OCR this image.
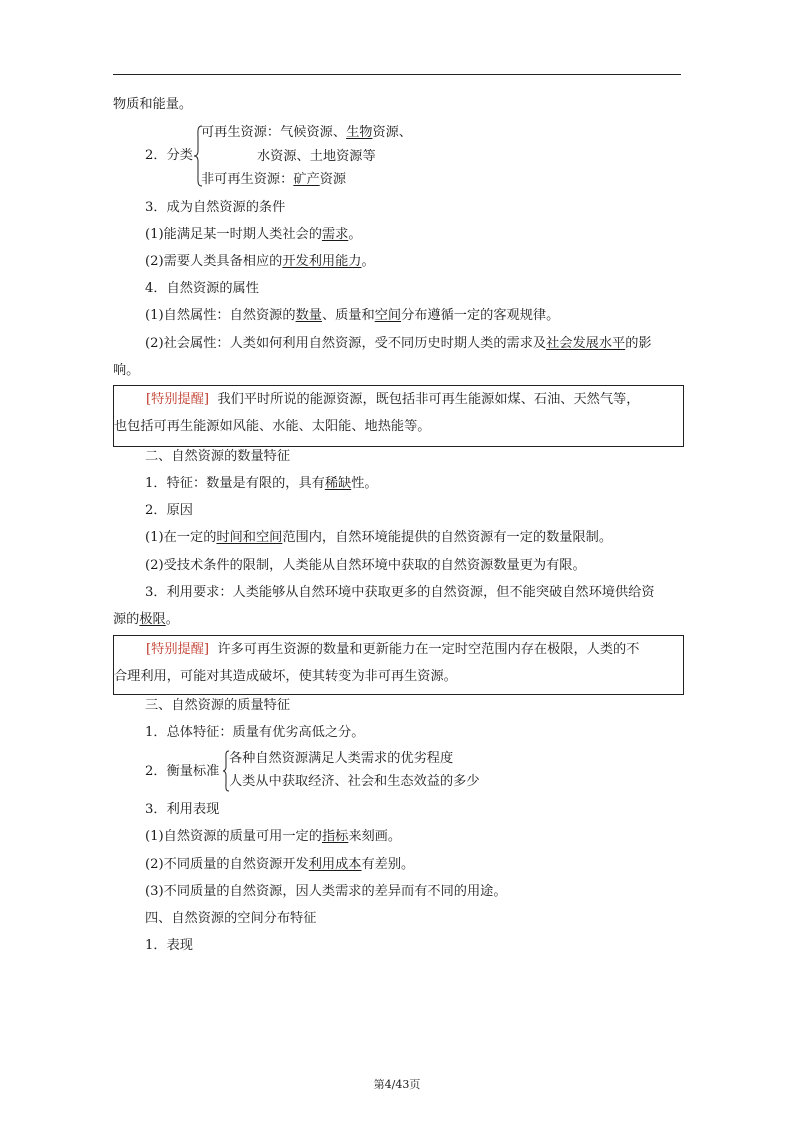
物质和能量。
2．分类
可再生资源：气候资源、生物资源、
水资源、土地资源等
非可再生资源：矿产资源
3．成为自然资源的条件
(1)能满足某一时期人类社会的需求。
(2)需要人类具备相应的开发利用能力。
4．自然资源的属性
(1)自然属性：自然资源的数量、质量和空间分布遵循一定的客观规律。
(2)社会属性：人类如何利用自然资源，受不同历史时期人类的需求及社会发展水平的影
响。
[特别提醒] 我们平时所说的能源资源，既包括非可再生能源如煤、石油、天然气等，
也包括可再生能源如风能、水能、太阳能、地热能等。
二、自然资源的数量特征
1．特征：数量是有限的，具有稀缺性。
2．原因
(1)在一定的时间和空间范围内，自然环境能提供的自然资源有一定的数量限制。
(2)受技术条件的限制，人类能从自然环境中获取的自然资源数量更为有限。
3．利用要求：人类能够从自然环境中获取更多的自然资源，但不能突破自然环境供给资
源的极限。
[特别提醒] 许多可再生资源的数量和更新能力在一定时空范围内存在极限，人类的不
合理利用，可能对其造成破坏，使其转变为非可再生资源。
三、自然资源的质量特征
1．总体特征：质量有优劣高低之分。
2．衡量标准
各种自然资源满足人类需求的优劣程度
人类从中获取经济、社会和生态效益的多少
3．利用表现
(1)自然资源的质量可用一定的指标来刻画。
(2)不同质量的自然资源开发利用成本有差别。
(3)不同质量的自然资源，因人类需求的差异而有不同的用途。
四、自然资源的空间分布特征
1．表现
第4/43页
